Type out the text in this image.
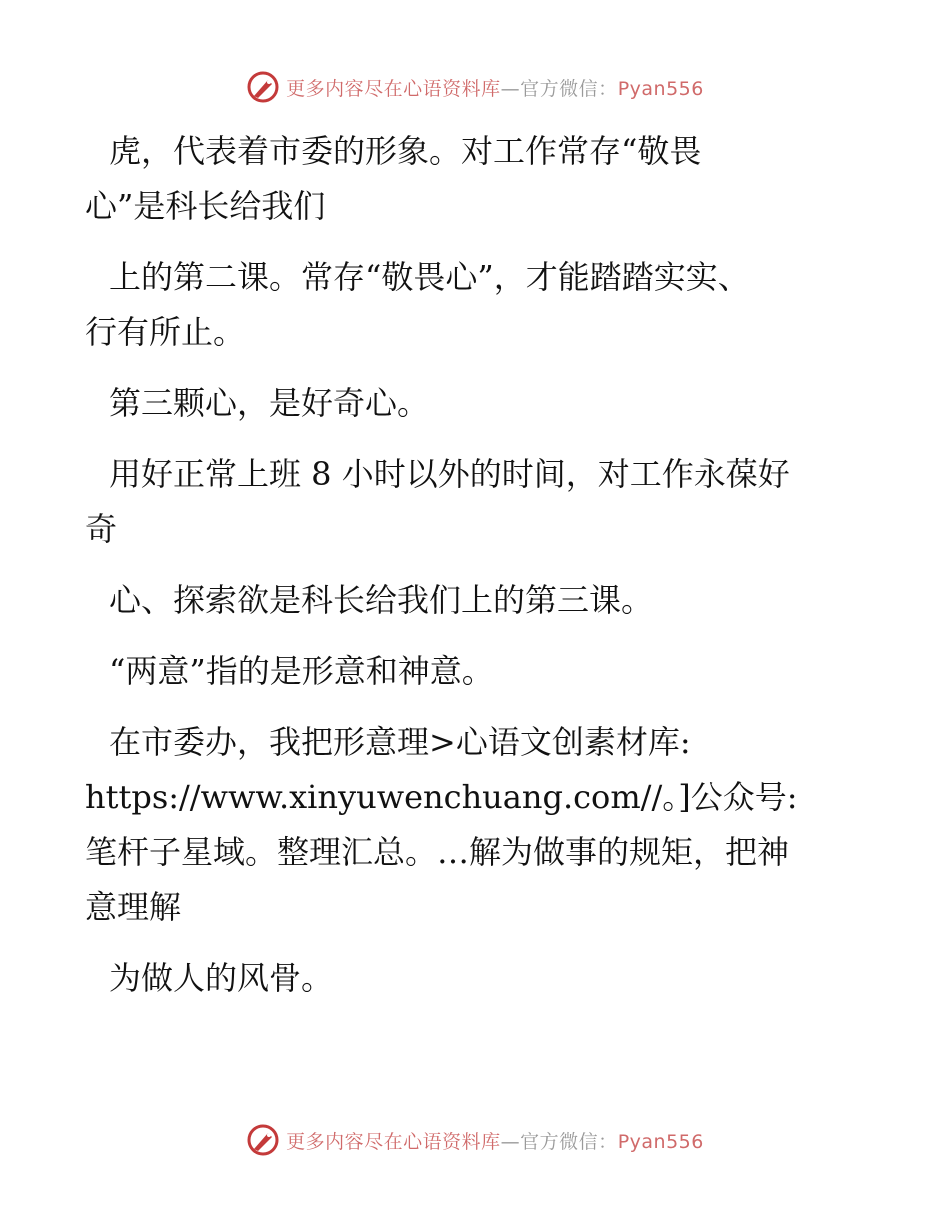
更多内容尽在心语资料库—官方微信：Pyan556

虎，代表着市委的形象。对工作常存“敬畏
心”是科长给我们

上的第二课。常存“敬畏心”，才能踏踏实实、
行有所止。

第三颗心，是好奇心。

用好正常上班 8 小时以外的时间，对工作永葆好
奇

心、探索欲是科长给我们上的第三课。

“两意”指的是形意和神意。

在市委办，我把形意理>心语文创素材库:
https://www.xinyuwenchuang.com//。]公众号:
笔杆子星域。整理汇总。…解为做事的规矩，把神
意理解

为做人的风骨。

更多内容尽在心语资料库—官方微信：Pyan556
